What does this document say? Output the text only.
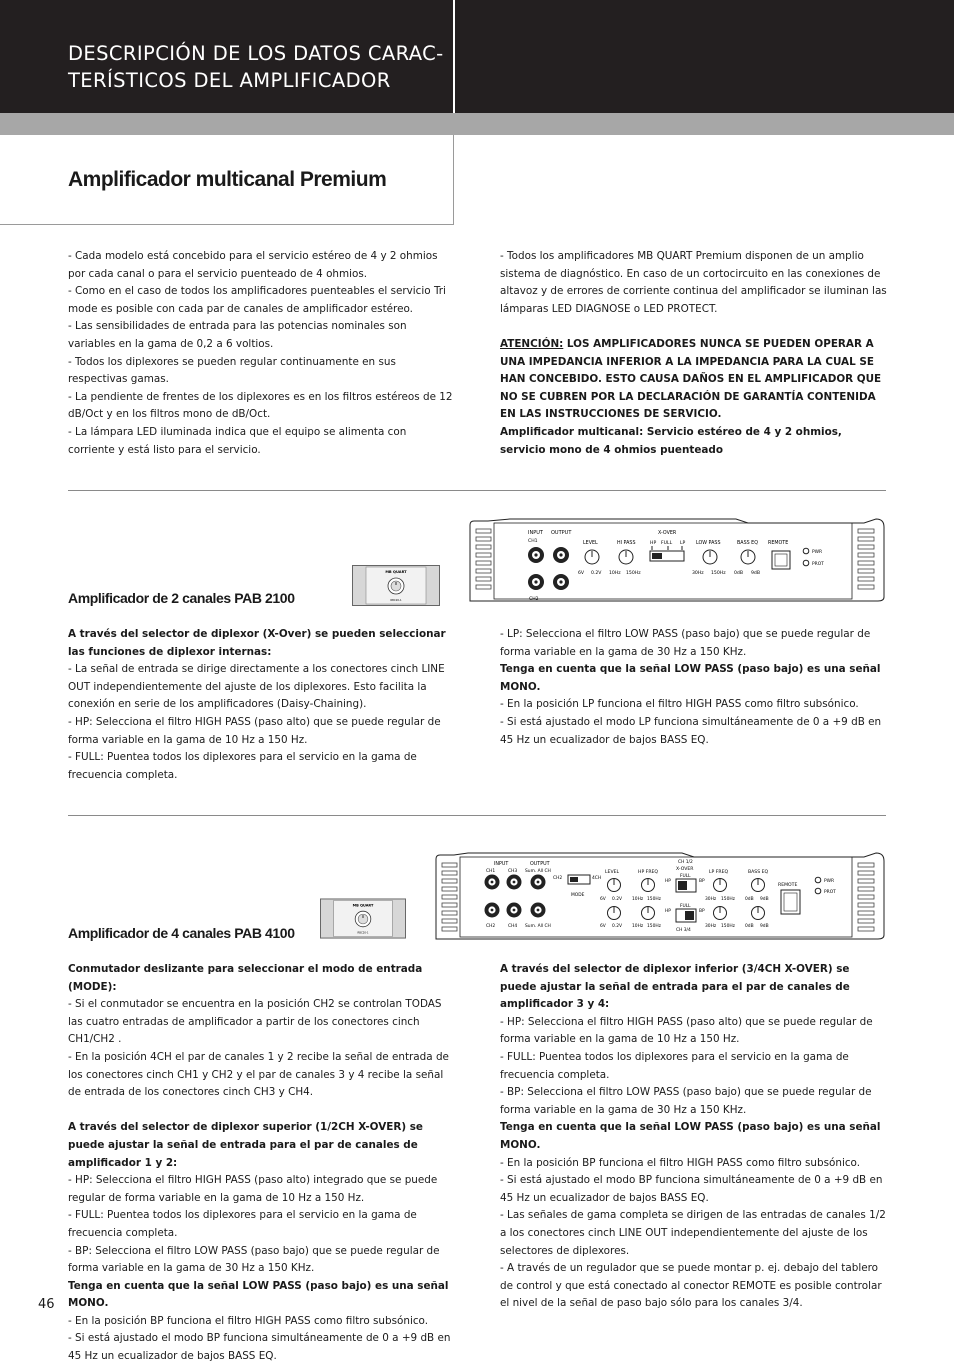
DESCRIPCIÓN DE LOS DATOS CARAC-
TERÍSTICOS DEL AMPLIFICADOR
Amplificador multicanal Premium

- Cada modelo está concebido para el servicio estéreo de 4 y 2 ohmios por cada canal o para el servicio puenteado de 4 ohmios.

- Como en el caso de todos los amplificadores puenteables el servicio Tri mode es posible con cada par de canales de amplificador estéreo.

- Las sensibilidades de entrada para las potencias nominales son variables en la gama de 0,2 a 6 voltios.

- Todos los diplexores se pueden regular continuamente en sus respectivas gamas.

- La pendiente de frentes de los diplexores es en los filtros estéreos de 12 dB/Oct y en los filtros mono de dB/Oct.

- La lámpara LED iluminada indica que el equipo se alimenta con corriente y está listo para el servicio.

- Todos los amplificadores MB QUART Premium disponen de un amplio sistema de diagnóstico. En caso de un cortocircuito en las conexiones de altavoz y de errores de corriente continua del amplificador se iluminan las lámparas LED DIAGNOSE o LED PROTECT.

ATENCIÓN: LOS AMPLIFICADORES NUNCA SE PUEDEN OPERAR A UNA IMPEDANCIA INFERIOR A LA IMPEDANCIA PARA LA CUAL SE HAN CONCEBIDO. ESTO CAUSA DAÑOS EN EL AMPLIFICADOR QUE NO SE CUBREN POR LA DECLARACIÓN DE GARANTÍA CONTENIDA EN LAS INSTRUCCIONES DE SERVICIO.

Amplificador multicanal: Servicio estéreo de 4 y 2 ohmios, servicio mono de 4 ohmios puenteado

MB QUART
RBC20-1
INPUT OUTPUT
CH1
CH2
LEVEL
6V 0.2V
HI PASS
10Hz 150Hz
X-OVER
HP FULL LP LOW PASS
30Hz 150Hz
BASS EQ
0dB 9dB
REMOTE
PWR
PROT
Amplificador de 2 canales PAB 2100

A través del selector de diplexor (X-Over) se pueden seleccionar las funciones de diplexor internas:

- La señal de entrada se dirige directamente a los conectores cinch LINE OUT independientemente del ajuste de los diplexores. Esto facilita la conexión en serie de los amplificadores (Daisy-Chaining).

- HP: Selecciona el filtro HIGH PASS (paso alto) que se puede regular de forma variable en la gama de 10 Hz a 150 Hz.

- FULL: Puentea todos los diplexores para el servicio en la gama de frecuencia completa.

- LP: Selecciona el filtro LOW PASS (paso bajo) que se puede regular de forma variable en la gama de 30 Hz a 150 KHz.

Tenga en cuenta que la señal LOW PASS (paso bajo) es una señal MONO.

- En la posición LP funciona el filtro HIGH PASS como filtro subsónico.

- Si está ajustado el modo LP funciona simultáneamente de 0 a +9 dB en 45 Hz un ecualizador de bajos BASS EQ.

MB QUART
RBC20-1
INPUT	OUTPUT
CH1	CH3 Sum. All CH
CH2	CH4 Sum. All CH
CH2	4CH
MODE
LEVEL
6V 0.2V
6V 0.2V
HP FREQ
10Hz 150Hz
10Hz 150Hz
CH 1/2
X-OVER
FULL
HP	BP
FULL
HP	BP
CH 3/4
LP FREQ
30Hz 150Hz
30Hz 150Hz
BASS EQ
0dB 9dB
0dB 9dB
REMOTE
PWR
PROT
Amplificador de 4 canales PAB 4100

Conmutador deslizante para seleccionar el modo de entrada (MODE):

- Si el conmutador se encuentra en la posición CH2 se controlan TODAS las cuatro entradas de amplificador a partir de los conectores cinch CH1/CH2 .

- En la posición 4CH el par de canales 1 y 2 recibe la señal de entrada de los conectores cinch CH1 y CH2 y el par de canales 3 y 4 recibe la señal de entrada de los conectores cinch CH3 y CH4.

A través del selector de diplexor superior (1/2CH X-OVER) se puede ajustar la señal de entrada para el par de canales de amplificador 1 y 2:

- HP: Selecciona el filtro HIGH PASS (paso alto) integrado que se puede regular de forma variable en la gama de 10 Hz a 150 Hz.

- FULL: Puentea todos los diplexores para el servicio en la gama de frecuencia completa.

- BP: Selecciona el filtro LOW PASS (paso bajo) que se puede regular de forma variable en la gama de 30 Hz a 150 KHz.

Tenga en cuenta que la señal LOW PASS (paso bajo) es una señal MONO.

- En la posición BP funciona el filtro HIGH PASS como filtro subsónico.

- Si está ajustado el modo BP funciona simultáneamente de 0 a +9 dB en 45 Hz un ecualizador de bajos BASS EQ.

A través del selector de diplexor inferior (3/4CH X-OVER) se puede ajustar la señal de entrada para el par de canales de amplificador 3 y 4:

- HP: Selecciona el filtro HIGH PASS (paso alto) que se puede regular de forma variable en la gama de 10 Hz a 150 Hz.

- FULL: Puentea todos los diplexores para el servicio en la gama de frecuencia completa.

- BP: Selecciona el filtro LOW PASS (paso bajo) que se puede regular de forma variable en la gama de 30 Hz a 150 KHz.

Tenga en cuenta que la señal LOW PASS (paso bajo) es una señal MONO.

- En la posición BP funciona el filtro HIGH PASS como filtro subsónico.

- Si está ajustado el modo BP funciona simultáneamente de 0 a +9 dB en 45 Hz un ecualizador de bajos BASS EQ.

- Las señales de gama completa se dirigen de las entradas de canales 1/2 a los conectores cinch LINE OUT independientemente del ajuste de los selectores de diplexores.

- A través de un regulador que se puede montar p. ej. debajo del tablero de control y que está conectado al conector REMOTE es posible controlar el nivel de la señal de paso bajo sólo para los canales 3/4.

46
